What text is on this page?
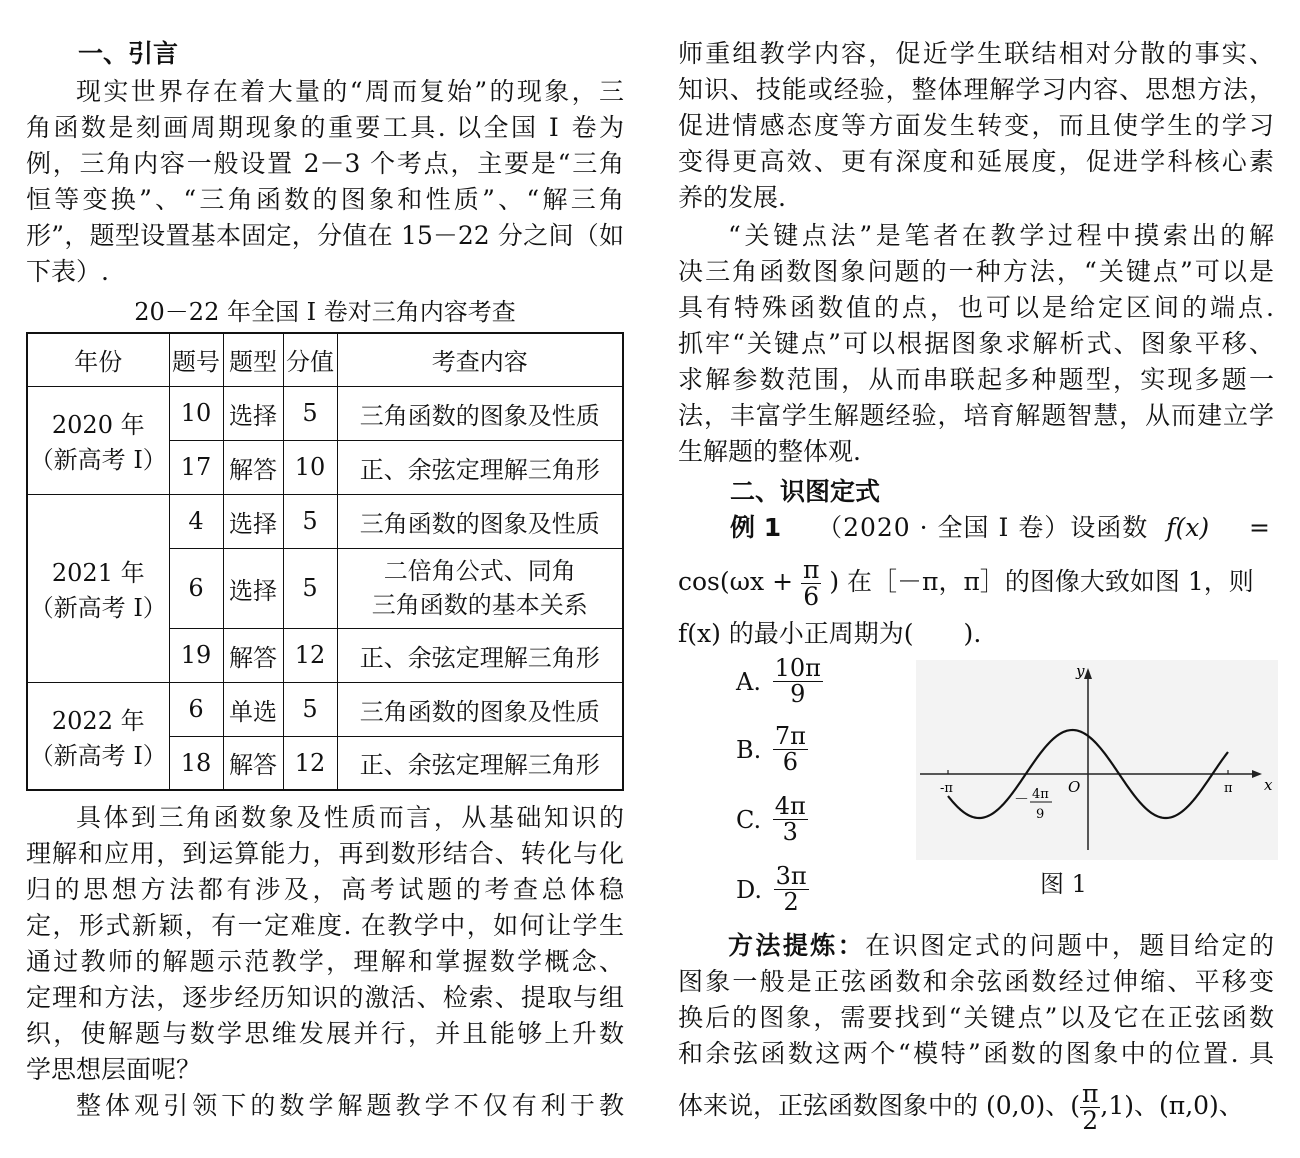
一、引言
现实世界存在着大量的“周而复始”的现象，三
角函数是刻画周期现象的重要工具. 以全国 Ⅰ 卷为
例，三角内容一般设置 2－3 个考点，主要是“三角
恒等变换”、“三角函数的图象和性质”、“解三角
形”，题型设置基本固定，分值在 15－22 分之间（如
下表）.
20－22 年全国 Ⅰ 卷对三角内容考查
年份	题号	题型	分值	考查内容

2020 年
（新高考 Ⅰ）	10	选择	5	三角函数的图象及性质
	17	解答	10	正、余弦定理解三角形

2021 年
（新高考 Ⅰ）	4	选择	5	三角函数的图象及性质
	6	选择	5	二倍角公式、同角
三角函数的基本关系

	19	解答	12	正、余弦定理解三角形

2022 年
（新高考 Ⅰ）	6	单选	5	三角函数的图象及性质
	18	解答	12	正、余弦定理解三角形
具体到三角函数象及性质而言，从基础知识的
理解和应用，到运算能力，再到数形结合、转化与化
归的思想方法都有涉及，高考试题的考查总体稳
定，形式新颖，有一定难度. 在教学中，如何让学生
通过教师的解题示范教学，理解和掌握数学概念、
定理和方法，逐步经历知识的激活、检索、提取与组
织，使解题与数学思维发展并行，并且能够上升数
学思想层面呢？
整体观引领下的数学解题教学不仅有利于教
师重组教学内容，促近学生联结相对分散的事实、
知识、技能或经验，整体理解学习内容、思想方法，
促进情感态度等方面发生转变，而且使学生的学习
变得更高效、更有深度和延展度，促进学科核心素
养的发展.
“关键点法”是笔者在教学过程中摸索出的解
决三角函数图象问题的一种方法，“关键点”可以是
具有特殊函数值的点，也可以是给定区间的端点.
抓牢“关键点”可以根据图象求解析式、图象平移、
求解参数范围，从而串联起多种题型，实现多题一
法，丰富学生解题经验，培育解题智慧，从而建立学
生解题的整体观.
二、识图定式
例 1 （2020 · 全国 Ⅰ 卷）设函数 f(x) =
$\cos(\omega x + \frac{\pi}{6}$ ) 在［－π，π］的图像大致如图 1，则
f(x) 的最小正周期为(　　).
A. $\frac{10\pi}{9}$
B. $\frac{7\pi}{6}$
C. $\frac{4\pi}{3}$
D. $\frac{3\pi}{2}$
方法提炼：在识图定式的问题中，题目给定的
图象一般是正弦函数和余弦函数经过伸缩、平移变
换后的图象，需要找到“关键点”以及它在正弦函数
和余弦函数这两个“模特”函数的图象中的位置. 具
体来说，正弦函数图象中的 (0,0)、( $\frac{\pi}{2} ,1$)、(π,0)、
y
x
O
-π	π
－ 4π
9
图 1
